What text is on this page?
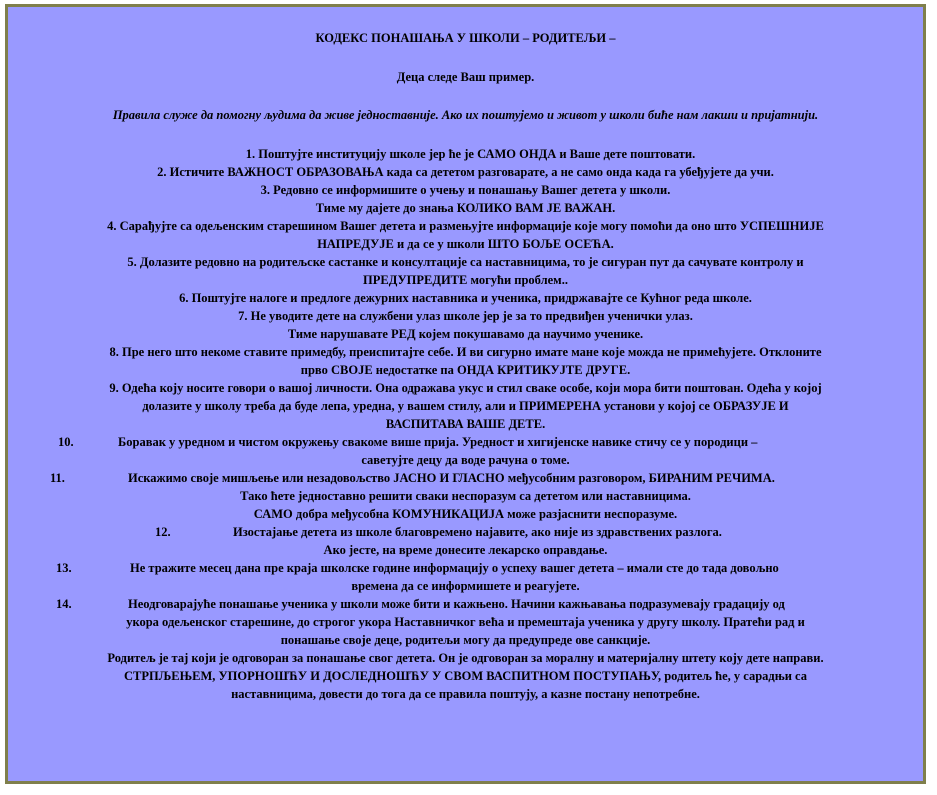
КОДЕКС ПОНАШАЊА У ШКОЛИ – РОДИТЕЉИ –
Деца следе Ваш пример.
Правила служе да помогну људима да живе једноставније. Ако их поштујемо и живот у школи биће нам лакши и пријатнији.
1. Поштујте институцију школе јер ће је САМО ОНДА и Ваше дете поштовати.
2. Истичите ВАЖНОСТ ОБРАЗОВАЊА када са дететом разговарате, а не само онда када га убеђујете да учи.
3. Редовно се информишите о учењу и понашању Вашег детета у школи.
Тиме му дајете до знања КОЛИКО ВАМ ЈЕ ВАЖАН.
4. Сарађујте са одељенским старешином Вашег детета и размењујте информације које могу помоћи да оно што УСПЕШНИЈЕ
НАПРЕДУЈЕ и да се у школи ШТО БОЉЕ ОСЕЋА.
5. Долазите редовно на родитељске састанке и консултације са наставницима, то је сигуран пут да сачувате контролу и
ПРЕДУПРЕДИТЕ могући проблем..
6. Поштујте налоге и предлоге дежурних наставника и ученика, придржавајте се Кућног реда школе.
7. Не уводите дете на службени улаз школе јер је за то предвиђен ученички улаз.
Тиме нарушавате РЕД којем покушавамо да научимо ученике.
8. Пре него што некоме ставите примедбу, преиспитајте себе. И ви сигурно имате мане које можда не примећујете. Отклоните
прво СВОЈЕ недостатке па ОНДА КРИТИКУЈТЕ ДРУГЕ.
9. Одећа коју носите говори о вашој личности. Она одражава укус и стил сваке особе, који мора бити поштован. Одећа у којој
долазите у школу треба да буде лепа, уредна, у вашем стилу, али и ПРИМЕРЕНА установи у којој се ОБРАЗУЈЕ И
ВАСПИТАВА ВАШЕ ДЕТЕ.
10.	Боравак у уредном и чистом окружењу свакоме више прија. Уредност и хигијенске навике стичу се у породици –
саветујте децу да воде рачуна о томе.
11.	Искажимо своје мишљење или незадовољство ЈАСНО И ГЛАСНО међусобним разговором, БИРАНИМ РЕЧИМА.
Тако ћете једноставно решити сваки неспоразум са дететом или наставницима.
САМО добра међусобна КОМУНИКАЦИЈА може разјаснити неспоразуме.
12.	Изостајање детета из школе благовремено најавите, ако није из здравствених разлога.
Ако јесте, на време донесите лекарско оправдање.
13.	Не тражите месец дана пре краја школске године информацију о успеху вашег детета – имали сте до тада довољно
времена да се информишете и реагујете.
14.	Неодговарајуће понашање ученика у школи може бити и кажњено. Начини кажњавања подразумевају градацију од
укора одељенског старешине, до строгог укора Наставничког већа и премештаја ученика у другу школу. Пратећи рад и
понашање своје деце, родитељи могу да предупреде ове санкције.
Родитељ је тај који је одговоран за понашање свог детета. Он је одговоран за моралну и материјалну штету коју дете направи.
СТРПЉЕЊЕМ, УПОРНОШЋУ И ДОСЛЕДНОШЋУ У СВОМ ВАСПИТНОМ ПОСТУПАЊУ, родитељ ће, у сарадњи са
наставницима, довести до тога да се правила поштују, а казне постану непотребне.
